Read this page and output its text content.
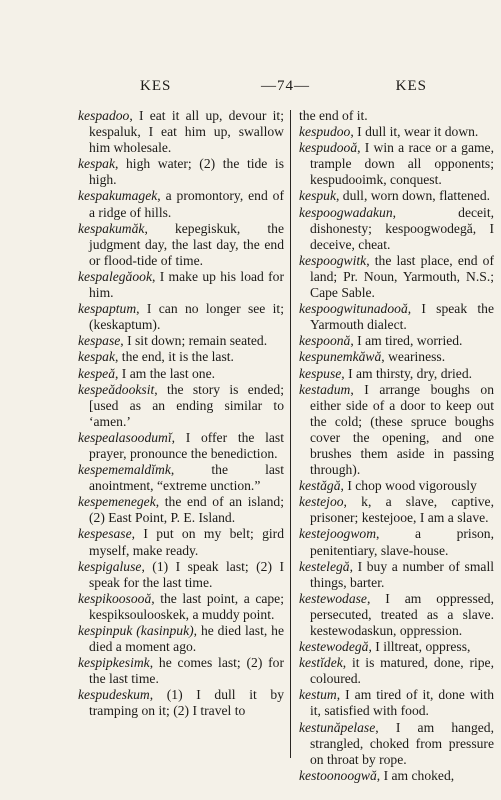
KES	—74—	KES

kespadoo, I eat it all up, devour it; kespaluk, I eat him up, swallow him wholesale.

kespak, high water; (2) the tide is high.

kespakumagek, a promontory, end of a ridge of hills.

kespakumăk, kepegiskuk, the judgment day, the last day, the end or flood-tide of time.

kespalegăook, I make up his load for him.

kespaptum, I can no longer see it; (keskaptum).

kespase, I sit down; remain seated.

kespak, the end, it is the last.

kespeă, I am the last one.

kespeădooksit, the story is ended; [used as an ending similar to ‘amen.’

kespealasoodumĭ, I offer the last prayer, pronounce the benediction.

kespememaldĭmk, the last anointment, “extreme unction.”

kespemenegek, the end of an island; (2) East Point, P. E. Island.

kespesase, I put on my belt; gird myself, make ready.

kespigaluse, (1) I speak last; (2) I speak for the last time.

kespikoosooă, the last point, a cape; kespiksoulooskek, a muddy point.

kespinpuk (kasinpuk), he died last, he died a moment ago.

kespipkesimk, he comes last; (2) for the last time.

kespudeskum, (1) I dull it by tramping on it; (2) I travel to

the end of it.

kespudoo, I dull it, wear it down.

kespudooă, I win a race or a game, trample down all opponents; kespudooimk, conquest.

kespuk, dull, worn down, flattened.

kespoogwadakun, deceit, dishonesty; kespoogwodegă, I deceive, cheat.

kespoogwitk, the last place, end of land; Pr. Noun, Yarmouth, N.S.; Cape Sable.

kespoogwitunadooă, I speak the Yarmouth dialect.

kespoonă, I am tired, worried.

kespunemkăwă, weariness.

kespuse, I am thirsty, dry, dried.

kestadum, I arrange boughs on either side of a door to keep out the cold; (these spruce boughs cover the opening, and one brushes them aside in passing through).

kestăgă, I chop wood vigorously

kestejoo, k, a slave, captive, prisoner; kestejooe, I am a slave.

kestejoogwom, a prison, penitentiary, slave-house.

kestelegă, I buy a number of small things, barter.

kestewodase, I am oppressed, persecuted, treated as a slave. kestewodaskun, oppression.

kestewodegă, I illtreat, oppress,

kestĭdek, it is matured, done, ripe, coloured.

kestum, I am tired of it, done with it, satisfied with food.

kestunăpelase, I am hanged, strangled, choked from pressure on throat by rope.

kestoonoogwă, I am choked,
